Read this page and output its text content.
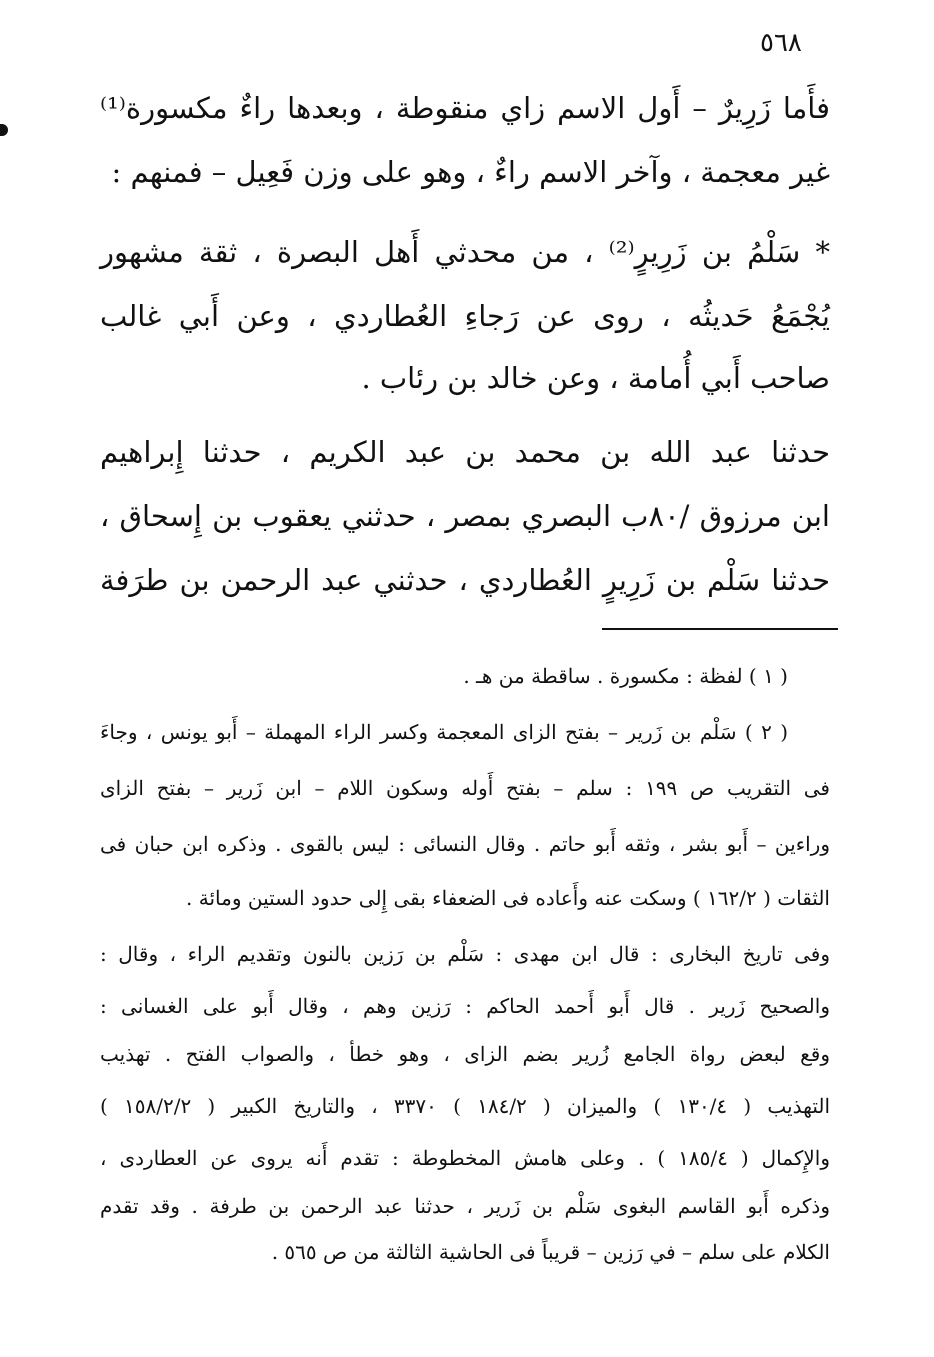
٥٦٨
فأَما زَرِيرٌ – أَول الاسم زاي منقوطة ، وبعدها راءٌ مكسورة⁽¹⁾
غير معجمة ، وآخر الاسم راءٌ ، وهو على وزن فَعِيل – فمنهم :
* سَلْمُ بن زَرِيرٍ⁽²⁾ ، من محدثي أَهل البصرة ، ثقة مشهور
يُجْمَعُ حَديثُه ، روى عن رَجاءِ العُطاردي ، وعن أَبي غالب
صاحب أَبي أُمامة ، وعن خالد بن رئاب .
حدثنا عبد الله بن محمد بن عبد الكريم ، حدثنا إِبراهيم
ابن مرزوق /٨٠ب البصري بمصر ، حدثني يعقوب بن إِسحاق ،
حدثنا سَلْم بن زَرِيرٍ العُطاردي ، حدثني عبد الرحمن بن طرَفة
( ١ ) لفظة : مكسورة . ساقطة من هـ .
( ٢ ) سَلْم بن زَرير – بفتح الزاى المعجمة وكسر الراء المهملة – أَبو يونس ، وجاءَ
فى التقريب ص ١٩٩ : سلم – بفتح أَوله وسكون اللام – ابن زَرير – بفتح الزاى
وراءين – أَبو بشر ، وثقه أَبو حاتم . وقال النسائى : ليس بالقوى . وذكره ابن حبان فى
الثقات ( ١٦٢/٢ ) وسكت عنه وأَعاده فى الضعفاء بقى إِلى حدود الستين ومائة .
وفى تاريخ البخارى : قال ابن مهدى : سَلْم بن رَزين بالنون وتقديم الراء ، وقال :
والصحيح زَرير . قال أَبو أَحمد الحاكم : رَزين وهم ، وقال أَبو على الغسانى :
وقع لبعض رواة الجامع زُرير بضم الزاى ، وهو خطأ ، والصواب الفتح . تهذيب
التهذيب ( ١٣٠/٤ ) والميزان ( ١٨٤/٢ ) ٣٣٧٠ ، والتاريخ الكبير ( ١٥٨/٢/٢ )
والإِكمال ( ١٨٥/٤ ) . وعلى هامش المخطوطة : تقدم أَنه يروى عن العطاردى ،
وذكره أَبو القاسم البغوى سَلْم بن زَرير ، حدثنا عبد الرحمن بن طرفة . وقد تقدم
الكلام على سلم – في رَزين – قريباً فى الحاشية الثالثة من ص ٥٦٥ .
